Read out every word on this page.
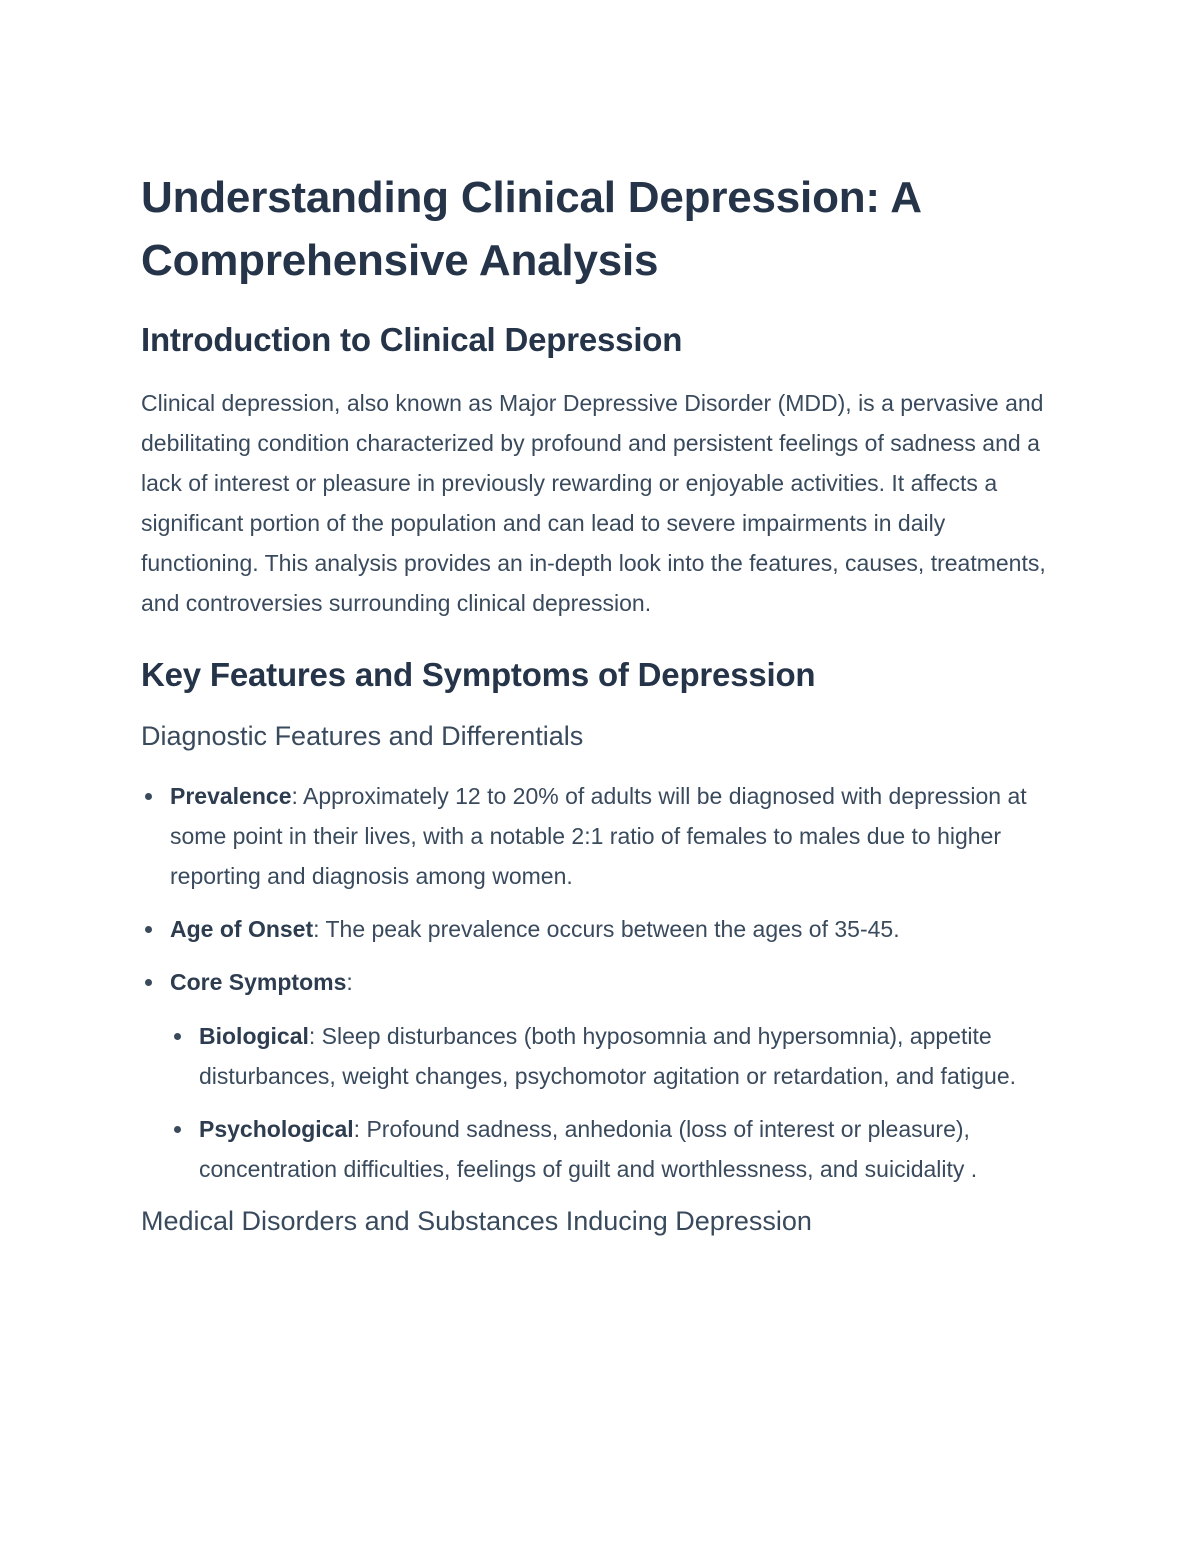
Understanding Clinical Depression: A Comprehensive Analysis
Introduction to Clinical Depression

Clinical depression, also known as Major Depressive Disorder (MDD), is a pervasive and debilitating condition characterized by profound and persistent feelings of sadness and a lack of interest or pleasure in previously rewarding or enjoyable activities. It affects a significant portion of the population and can lead to severe impairments in daily functioning. This analysis provides an in-depth look into the features, causes, treatments, and controversies surrounding clinical depression.

Key Features and Symptoms of Depression
Diagnostic Features and Differentials
Prevalence: Approximately 12 to 20% of adults will be diagnosed with depression at some point in their lives, with a notable 2:1 ratio of females to males due to higher reporting and diagnosis among women.
Age of Onset: The peak prevalence occurs between the ages of 35-45.
Core Symptoms:
Biological: Sleep disturbances (both hyposomnia and hypersomnia), appetite disturbances, weight changes, psychomotor agitation or retardation, and fatigue.
Psychological: Profound sadness, anhedonia (loss of interest or pleasure), concentration difficulties, feelings of guilt and worthlessness, and suicidality .
Medical Disorders and Substances Inducing Depression
